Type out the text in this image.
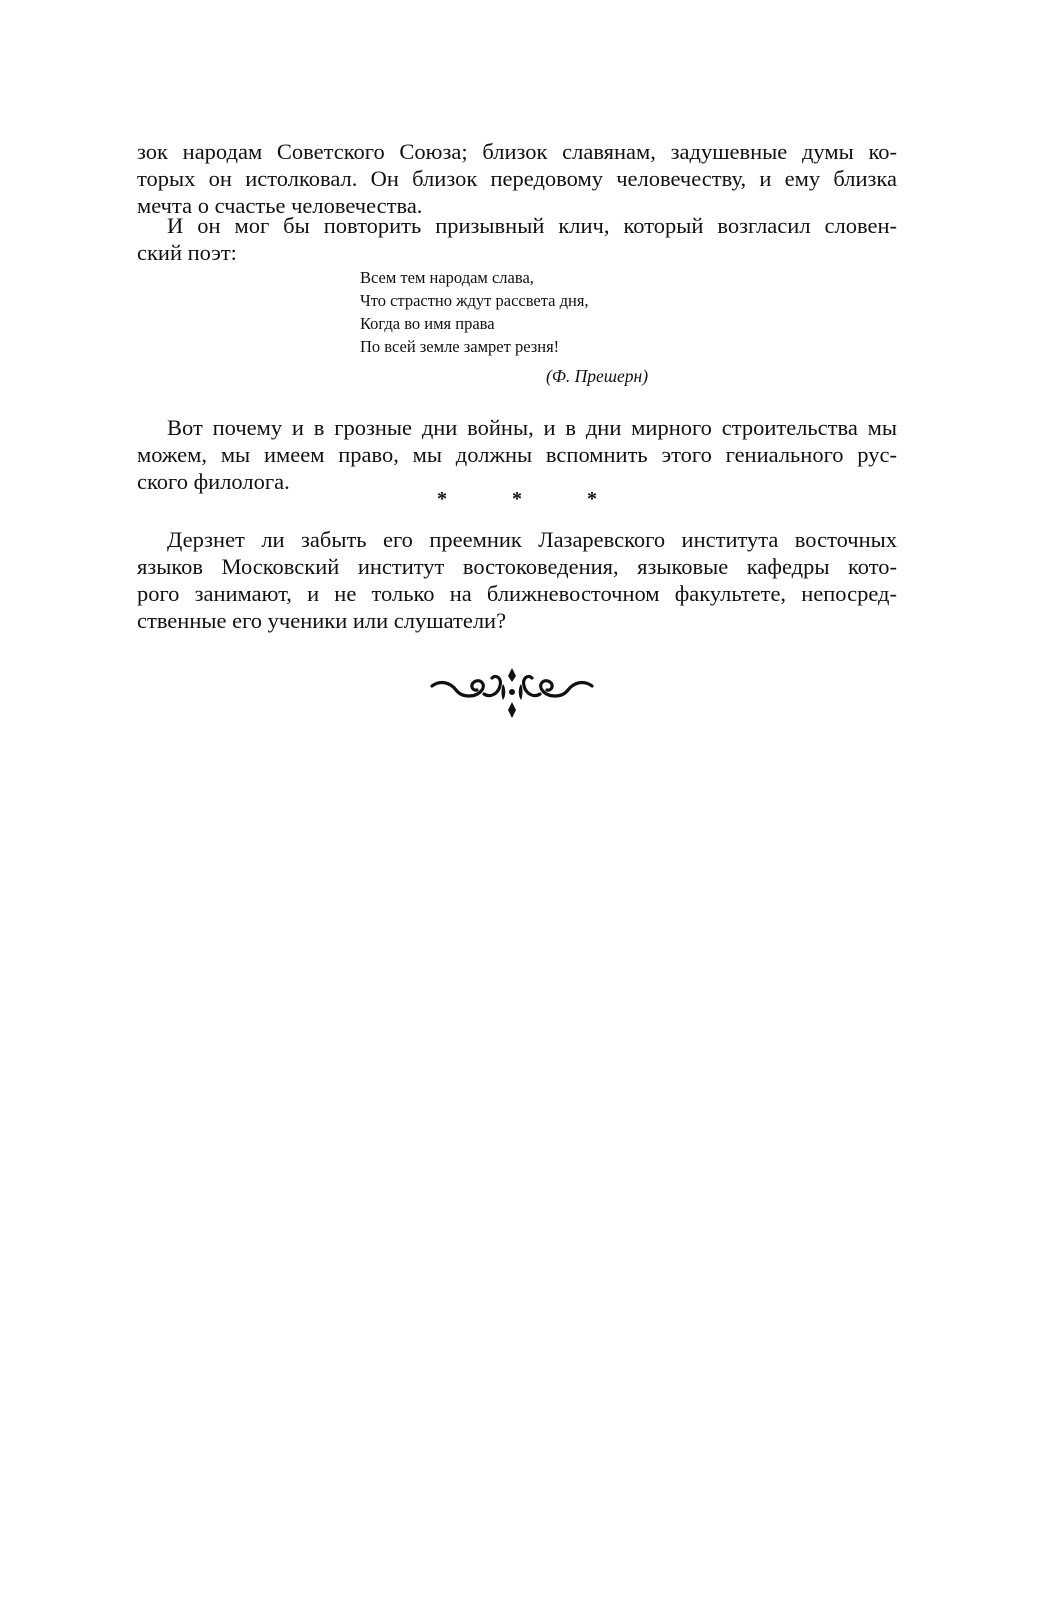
зок народам Советского Союза; близок славянам, задушевные думы ко-
торых он истолковал. Он близок передовому человечеству, и ему близка
мечта о счастье человечества.
И он мог бы повторить призывный клич, который возгласил словен-
ский поэт:
Всем тем народам слава,
Что страстно ждут рассвета дня,
Когда во имя права
По всей земле замрет резня!
(Ф. Прешерн)
Вот почему и в грозные дни войны, и в дни мирного строительства мы
можем, мы имеем право, мы должны вспомнить этого гениального рус-
ского филолога.
*	*	*
Дерзнет ли забыть его преемник Лазаревского института восточных
языков Московский институт востоковедения, языковые кафедры кото-
рого занимают, и не только на ближневосточном факультете, непосред-
ственные его ученики или слушатели?
